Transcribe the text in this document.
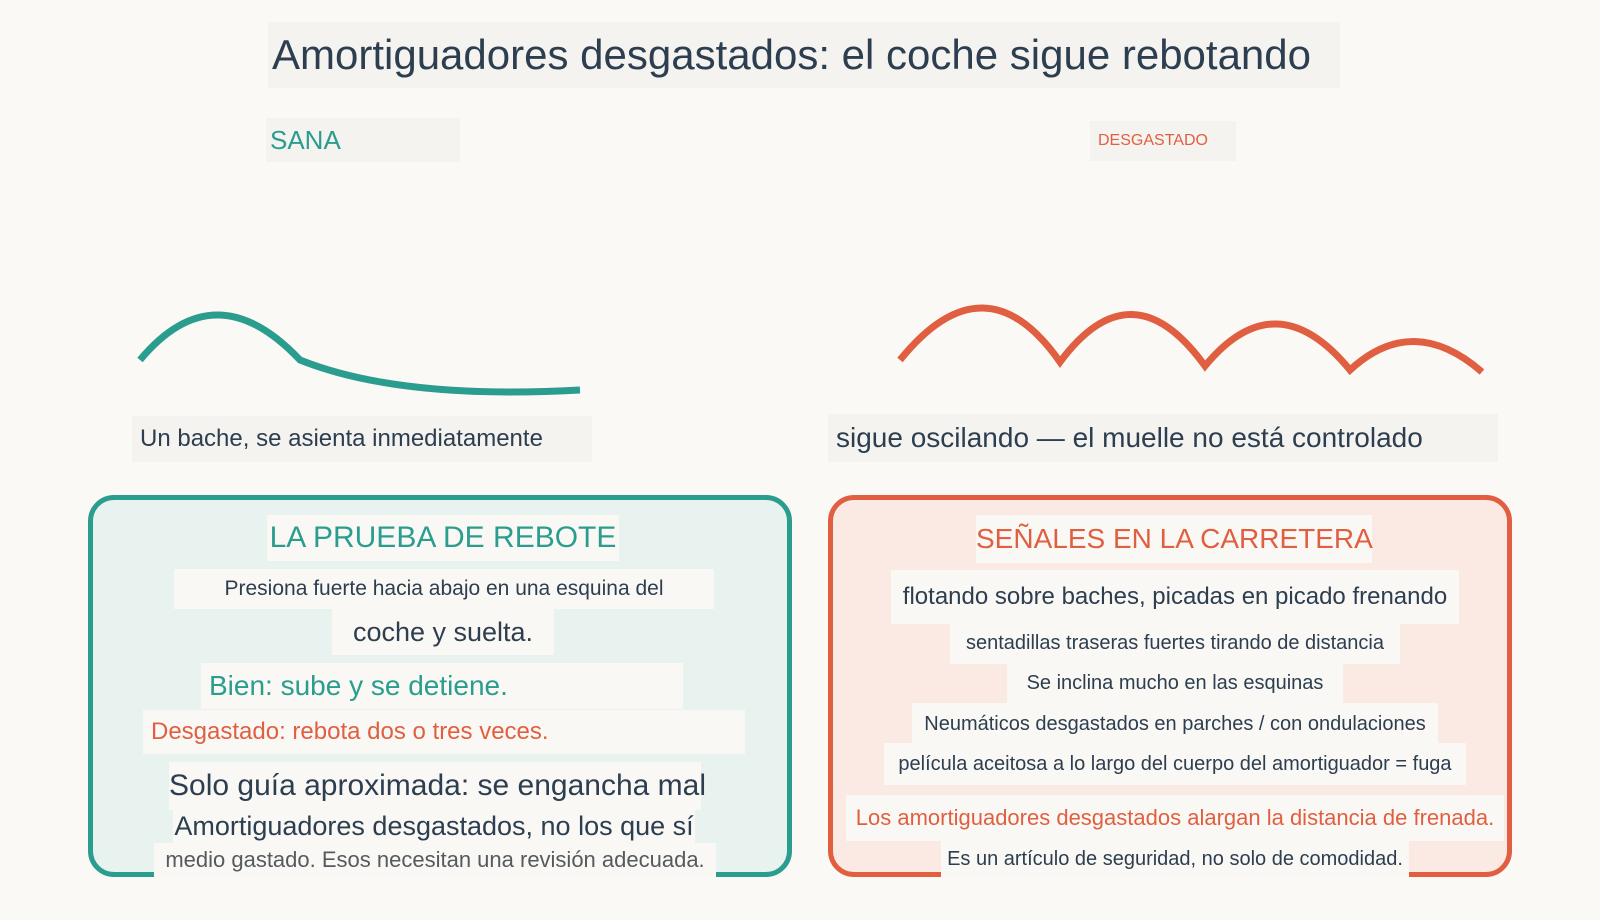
Amortiguadores desgastados: el coche sigue rebotando
SANA	DESGASTADO
Un bache, se asienta inmediatamente	sigue oscilando — el muelle no está controlado
LA PRUEBA DE REBOTE
Presiona fuerte hacia abajo en una esquina del
coche y suelta.
Bien: sube y se detiene.
Desgastado: rebota dos o tres veces.
Solo guía aproximada: se engancha mal
Amortiguadores desgastados, no los que sí
medio gastado. Esos necesitan una revisión adecuada.
SEÑALES EN LA CARRETERA
flotando sobre baches, picadas en picado frenando
sentadillas traseras fuertes tirando de distancia
Se inclina mucho en las esquinas
Neumáticos desgastados en parches / con ondulaciones
película aceitosa a lo largo del cuerpo del amortiguador = fuga
Los amortiguadores desgastados alargan la distancia de frenada.
Es un artículo de seguridad, no solo de comodidad.
